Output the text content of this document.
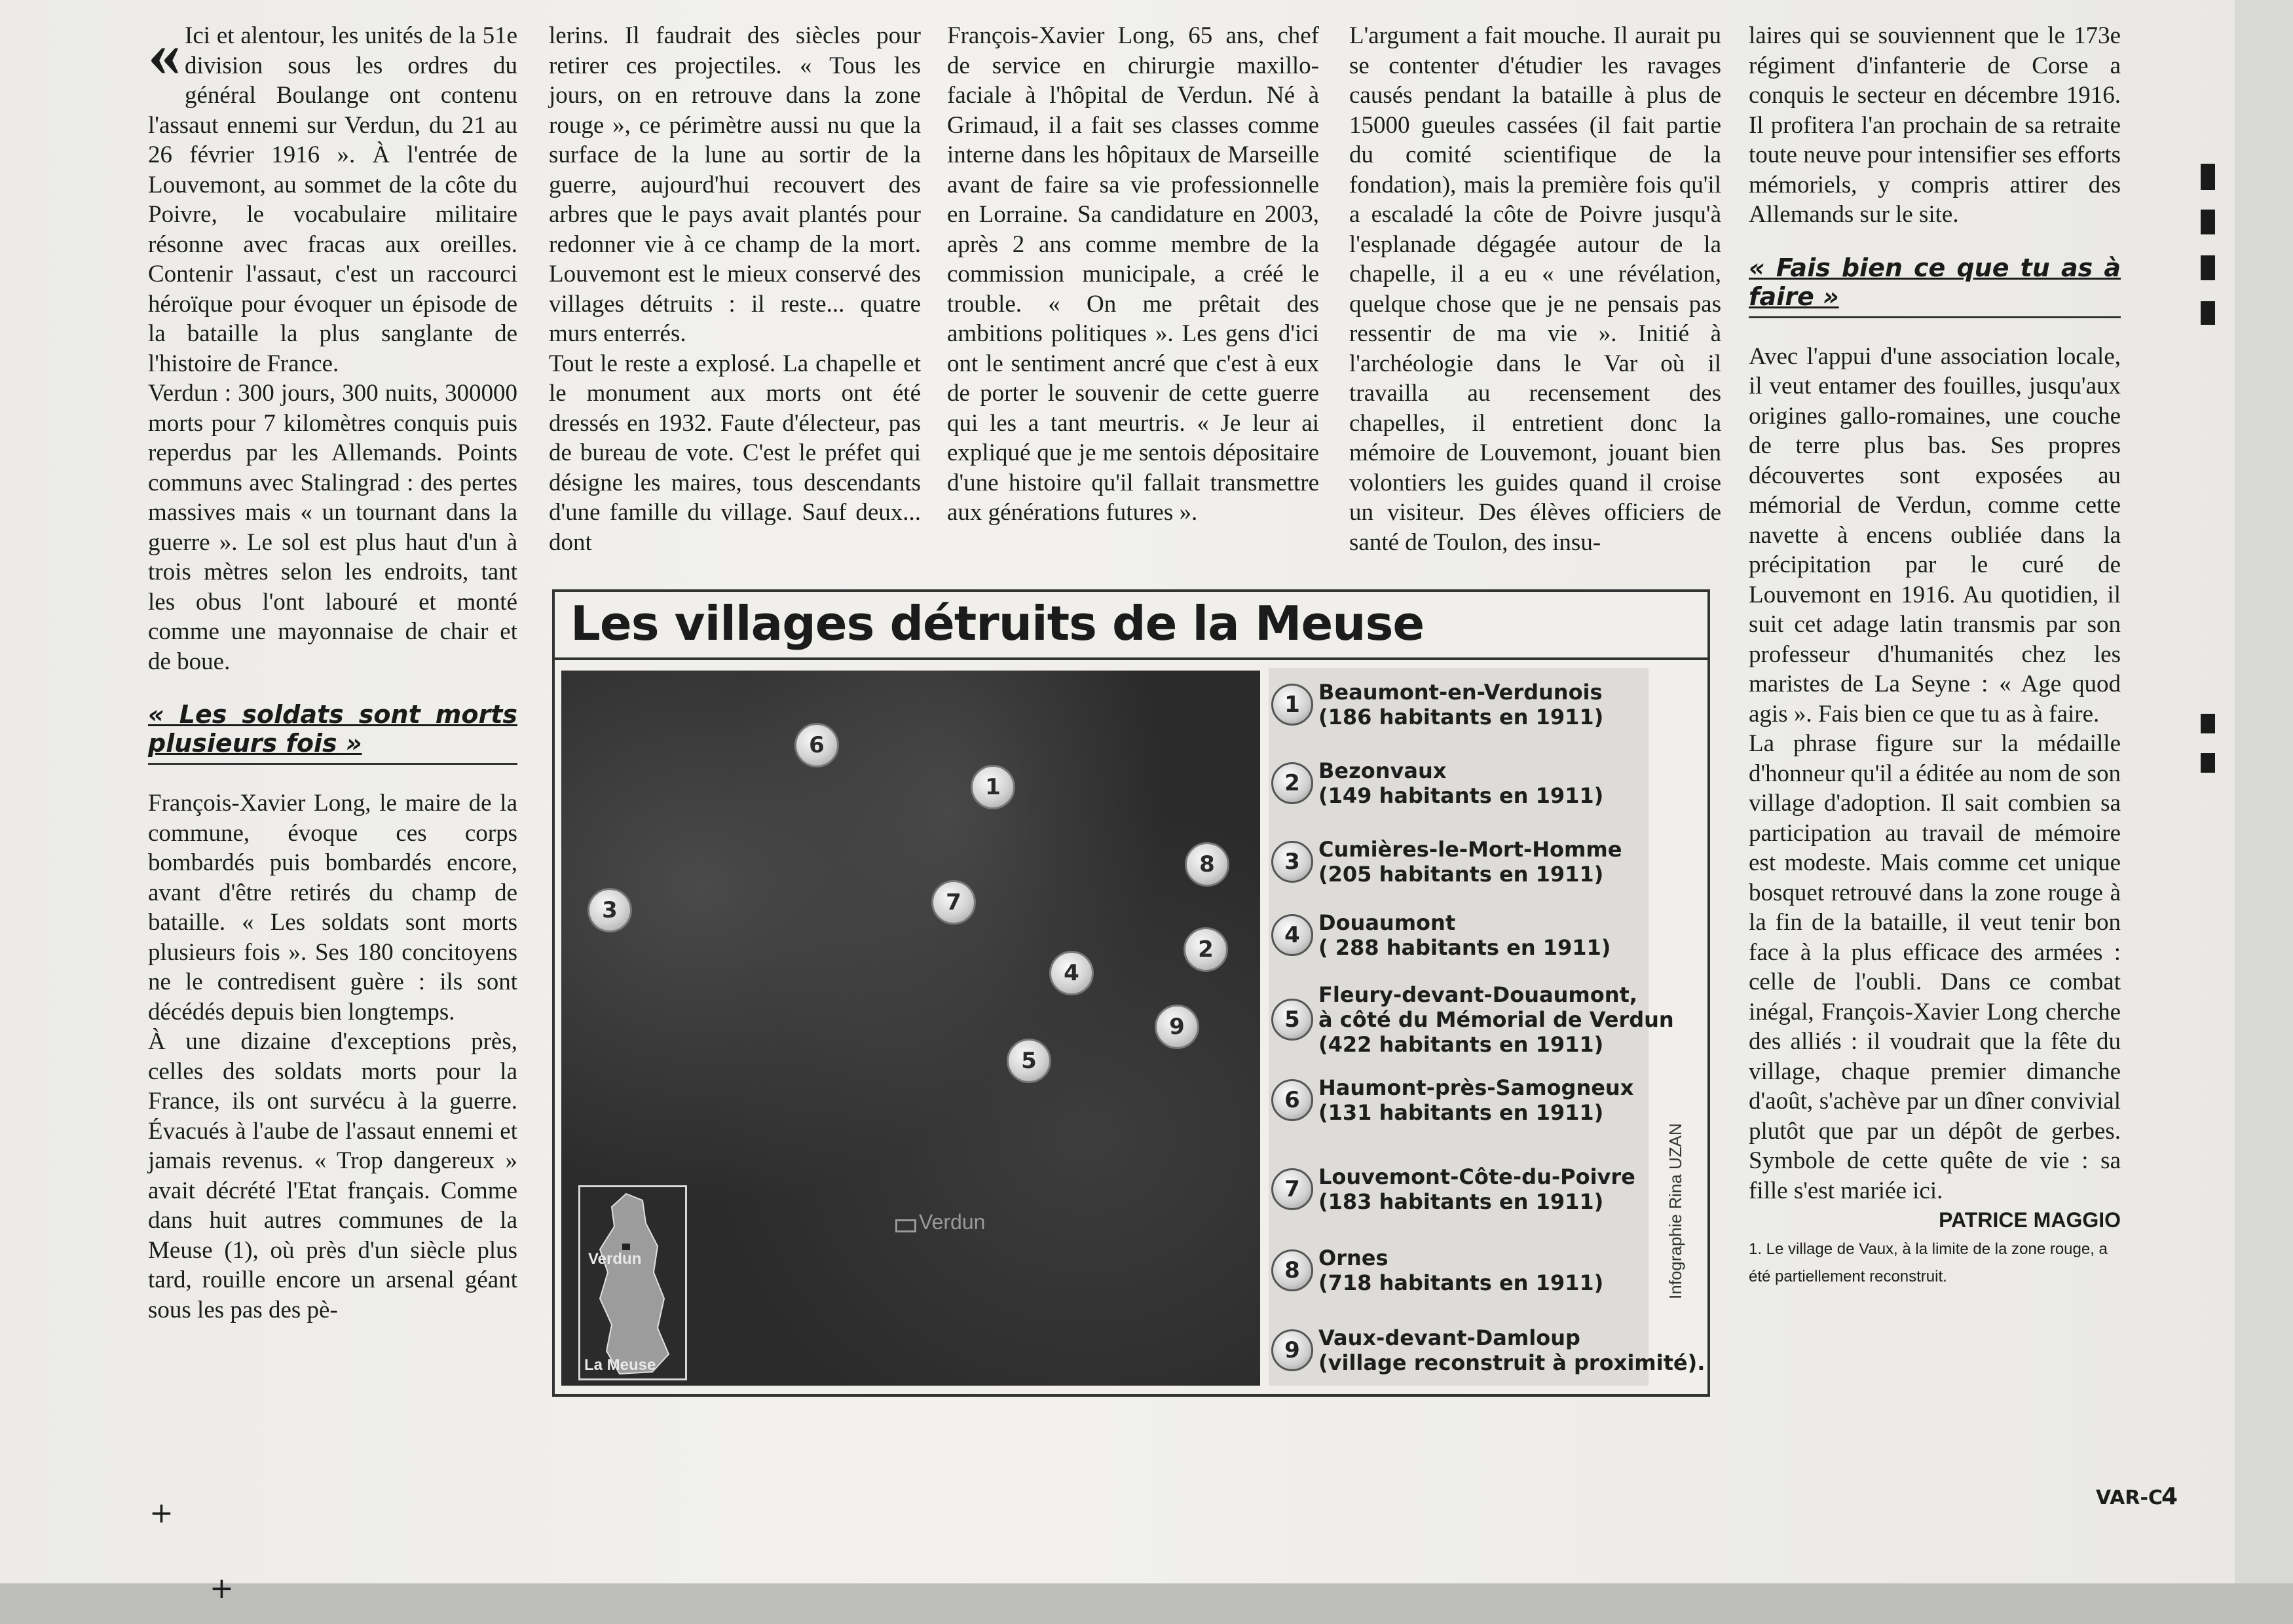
« Ici et alentour, les unités de la 51e division sous les ordres du général Boulange ont contenu l'assaut ennemi sur Verdun, du 21 au 26 février 1916 ». À l'entrée de Louvemont, au sommet de la côte du Poivre, le vocabulaire militaire résonne avec fracas aux oreilles. Contenir l'assaut, c'est un raccourci héroïque pour évoquer un épisode de la bataille la plus sanglante de l'histoire de France.

Verdun : 300 jours, 300 nuits, 300000 morts pour 7 kilomètres conquis puis reperdus par les Allemands. Points communs avec Stalingrad : des pertes massives mais « un tournant dans la guerre ». Le sol est plus haut d'un à trois mètres selon les endroits, tant les obus l'ont labouré et monté comme une mayonnaise de chair et de boue.

« Les soldats sont morts plusieurs fois »

François-Xavier Long, le maire de la commune, évoque ces corps bombardés puis bombardés encore, avant d'être retirés du champ de bataille. « Les soldats sont morts plusieurs fois ». Ses 180 concitoyens ne le contredisent guère : ils sont décédés depuis bien longtemps.

À une dizaine d'exceptions près, celles des soldats morts pour la France, ils ont survécu à la guerre. Évacués à l'aube de l'assaut ennemi et jamais revenus. « Trop dangereux » avait décrété l'Etat français. Comme dans huit autres communes de la Meuse (1), où près d'un siècle plus tard, rouille encore un arsenal géant sous les pas des pè-

lerins. Il faudrait des siècles pour retirer ces projectiles. « Tous les jours, on en retrouve dans la zone rouge », ce périmètre aussi nu que la surface de la lune au sortir de la guerre, aujourd'hui recouvert des arbres que le pays avait plantés pour redonner vie à ce champ de la mort. Louvemont est le mieux conservé des villages détruits : il reste... quatre murs enterrés.

Tout le reste a explosé. La chapelle et le monument aux morts ont été dressés en 1932. Faute d'électeur, pas de bureau de vote. C'est le préfet qui désigne les maires, tous descendants d'une famille du village. Sauf deux... dont

François-Xavier Long, 65 ans, chef de service en chirurgie maxillo-faciale à l'hôpital de Verdun. Né à Grimaud, il a fait ses classes comme interne dans les hôpitaux de Marseille avant de faire sa vie professionnelle en Lorraine. Sa candidature en 2003, après 2 ans comme membre de la commission municipale, a créé le trouble. « On me prêtait des ambitions politiques ». Les gens d'ici ont le sentiment ancré que c'est à eux de porter le souvenir de cette guerre qui les a tant meurtris. « Je leur ai expliqué que je me sentois dépositaire d'une histoire qu'il fallait transmettre aux générations futures ».

L'argument a fait mouche. Il aurait pu se contenter d'étudier les ravages causés pendant la bataille à plus de 15000 gueules cassées (il fait partie du comité scientifique de la fondation), mais la première fois qu'il a escaladé la côte de Poivre jusqu'à l'esplanade dégagée autour de la chapelle, il a eu « une révélation, quelque chose que je ne pensais pas ressentir de ma vie ». Initié à l'archéologie dans le Var où il travailla au recensement des chapelles, il entretient donc la mémoire de Louvemont, jouant bien volontiers les guides quand il croise un visiteur. Des élèves officiers de santé de Toulon, des insu-

laires qui se souviennent que le 173e régiment d'infanterie de Corse a conquis le secteur en décembre 1916. Il profitera l'an prochain de sa retraite toute neuve pour intensifier ses efforts mémoriels, y compris attirer des Allemands sur le site.

« Fais bien ce que tu as à faire »

Avec l'appui d'une association locale, il veut entamer des fouilles, jusqu'aux origines gallo-romaines, une couche de terre plus bas. Ses propres découvertes sont exposées au mémorial de Verdun, comme cette navette à encens oubliée dans la précipitation par le curé de Louvemont en 1916. Au quotidien, il suit cet adage latin transmis par son professeur d'humanités chez les maristes de La Seyne : « Age quod agis ». Fais bien ce que tu as à faire.

La phrase figure sur la médaille d'honneur qu'il a éditée au nom de son village d'adoption. Il sait combien sa participation au travail de mémoire est modeste. Mais comme cet unique bosquet retrouvé dans la zone rouge à la fin de la bataille, il veut tenir bon face à la plus efficace des armées : celle de l'oubli. Dans ce combat inégal, François-Xavier Long cherche des alliés : il voudrait que la fête du village, chaque premier dimanche d'août, s'achève par un dîner convivial plutôt que par un dépôt de gerbes. Symbole de cette quête de vie : sa fille s'est mariée ici.

PATRICE MAGGIO
1. Le village de Vaux, à la limite de la zone rouge, a été partiellement reconstruit.
Les villages détruits de la Meuse
6
1
8
7
3
4
2
9
5
Verdun
Verdun
La Meuse
1 Beaumont-en-Verdunois
(186 habitants en 1911)
2 Bezonvaux
(149 habitants en 1911)
3 Cumières-le-Mort-Homme
(205 habitants en 1911)
4 Douaumont
( 288 habitants en 1911)
5
Fleury-devant-Douaumont,
à côté du Mémorial de Verdun
(422 habitants en 1911)
6 Haumont-près-Samogneux
(131 habitants en 1911)
7 Louvemont-Côte-du-Poivre
(183 habitants en 1911)
8 Ornes
(718 habitants en 1911)
9 Vaux-devant-Damloup
(village reconstruit à proximité).
Infographie Rina UZAN
+
+
VAR-C
4
